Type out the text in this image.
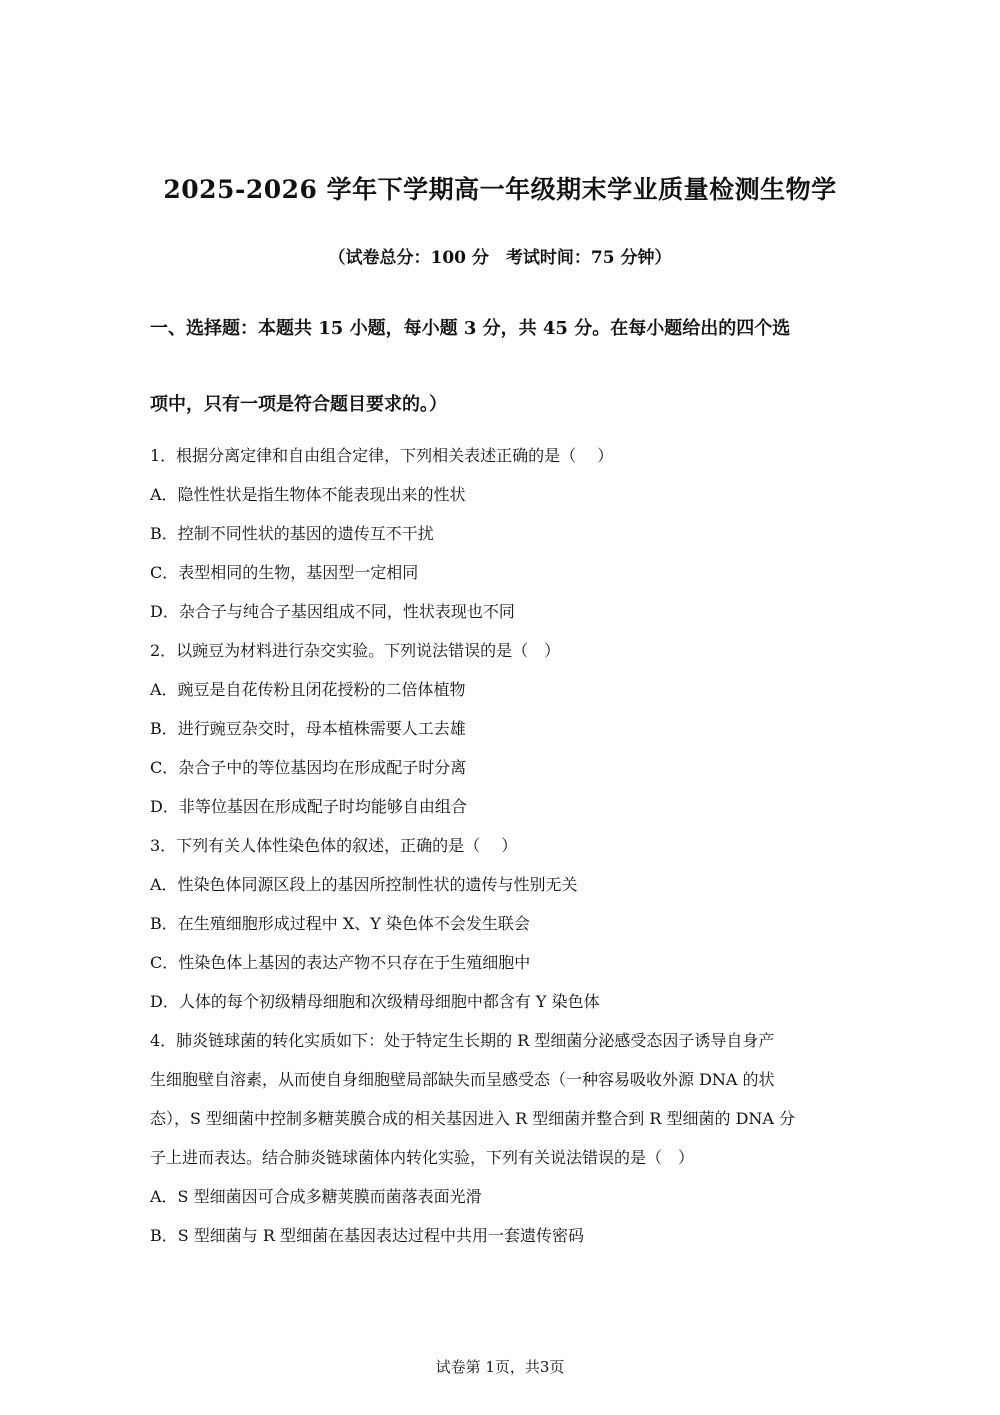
2025-2026 学年下学期高一年级期末学业质量检测生物学
（试卷总分：100 分　考试时间：75 分钟）
一、选择题：本题共 15 小题，每小题 3 分，共 45 分。在每小题给出的四个选
项中，只有一项是符合题目要求的。）
1．根据分离定律和自由组合定律，下列相关表述正确的是（　 ）
A．隐性性状是指生物体不能表现出来的性状
B．控制不同性状的基因的遗传互不干扰
C．表型相同的生物，基因型一定相同
D．杂合子与纯合子基因组成不同，性状表现也不同
2．以豌豆为材料进行杂交实验。下列说法错误的是（　）
A．豌豆是自花传粉且闭花授粉的二倍体植物
B．进行豌豆杂交时，母本植株需要人工去雄
C．杂合子中的等位基因均在形成配子时分离
D．非等位基因在形成配子时均能够自由组合
3．下列有关人体性染色体的叙述，正确的是（　 ）
A．性染色体同源区段上的基因所控制性状的遗传与性别无关
B．在生殖细胞形成过程中 X、Y 染色体不会发生联会
C．性染色体上基因的表达产物不只存在于生殖细胞中
D．人体的每个初级精母细胞和次级精母细胞中都含有 Y 染色体
4．肺炎链球菌的转化实质如下：处于特定生长期的 R 型细菌分泌感受态因子诱导自身产
生细胞壁自溶素，从而使自身细胞壁局部缺失而呈感受态（一种容易吸收外源 DNA 的状
态），S 型细菌中控制多糖荚膜合成的相关基因进入 R 型细菌并整合到 R 型细菌的 DNA 分
子上进而表达。结合肺炎链球菌体内转化实验，下列有关说法错误的是（　）
A．S 型细菌因可合成多糖荚膜而菌落表面光滑
B．S 型细菌与 R 型细菌在基因表达过程中共用一套遗传密码
试卷第 1页，共3页
